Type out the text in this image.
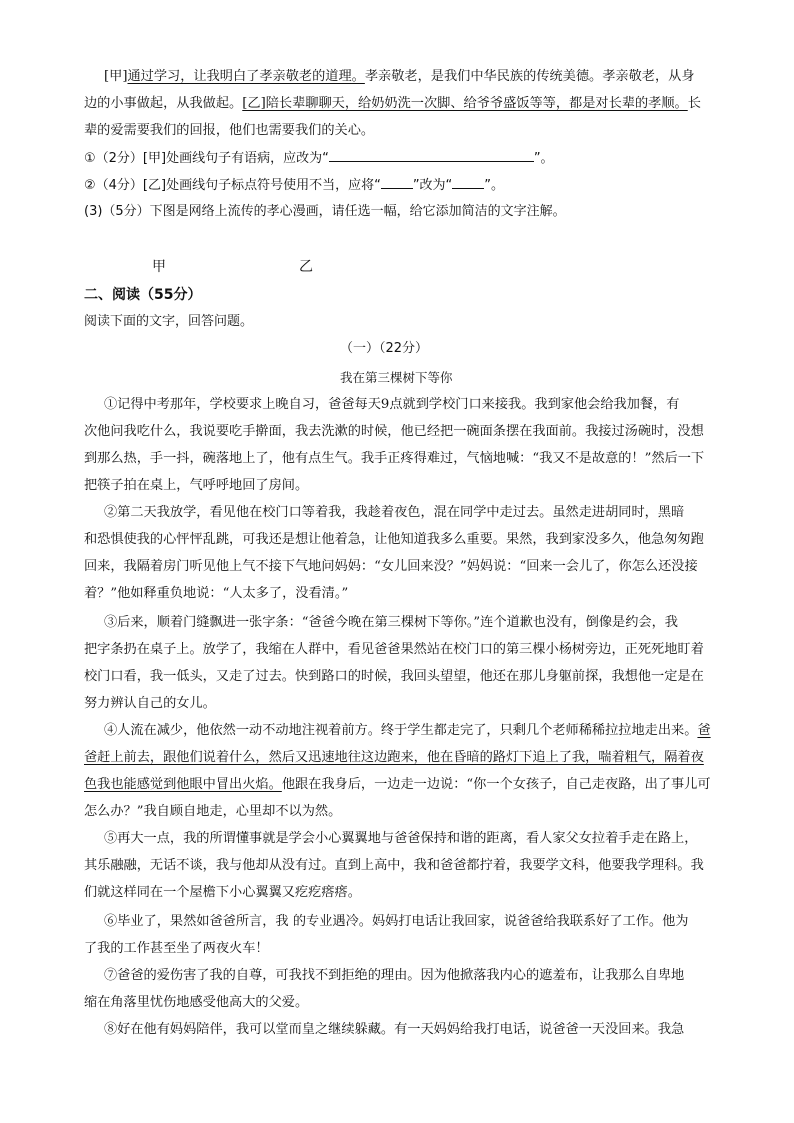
[甲]通过学习，让我明白了孝亲敬老的道理。孝亲敬老，是我们中华民族的传统美德。孝亲敬老，从身
边的小事做起，从我做起。[乙]陪长辈聊聊天，给奶奶洗一次脚、给爷爷盛饭等等，都是对长辈的孝顺。长
辈的爱需要我们的回报，他们也需要我们的关心。
①（2分）[甲]处画线句子有语病，应改为“	”。
②（4分）[乙]处画线句子标点符号使用不当，应将“ ”改为“ ”。
(3)（5分）下图是网络上流传的孝心漫画，请任选一幅，给它添加简洁的文字注解。
甲	乙
二、阅读（55分）
阅读下面的文字，回答问题。
（一）（22分）
我在第三棵树下等你
①记得中考那年，学校要求上晚自习，爸爸每天9点就到学校门口来接我。我到家他会给我加餐，有
次他问我吃什么，我说要吃手擀面，我去洗漱的时候，他已经把一碗面条摆在我面前。我接过汤碗时，没想
到那么热，手一抖，碗落地上了，他有点生气。我手正疼得难过，气恼地喊：“我又不是故意的！”然后一下
把筷子拍在桌上，气呼呼地回了房间。
②第二天我放学，看见他在校门口等着我，我趁着夜色，混在同学中走过去。虽然走进胡同时，黑暗
和恐惧使我的心怦怦乱跳，可我还是想让他着急，让他知道我多么重要。果然，我到家没多久，他急匆匆跑
回来，我隔着房门听见他上气不接下气地问妈妈：“女儿回来没？”妈妈说：“回来一会儿了，你怎么还没接
着？”他如释重负地说：“人太多了，没看清。”
③后来，顺着门缝飘进一张字条：“爸爸今晚在第三棵树下等你。”连个道歉也没有，倒像是约会，我
把字条扔在桌子上。放学了，我缩在人群中，看见爸爸果然站在校门口的第三棵小杨树旁边，正死死地盯着
校门口看，我一低头，又走了过去。快到路口的时候，我回头望望，他还在那儿身躯前探，我想他一定是在
努力辨认自己的女儿。
④人流在减少，他依然一动不动地注视着前方。终于学生都走完了，只剩几个老师稀稀拉拉地走出来。爸
爸赶上前去，跟他们说着什么，然后又迅速地往这边跑来，他在昏暗的路灯下追上了我，喘着粗气，隔着夜
色我也能感觉到他眼中冒出火焰。他跟在我身后，一边走一边说：“你一个女孩子，自己走夜路，出了事儿可
怎么办？”我自顾自地走，心里却不以为然。
⑤再大一点，我的所谓懂事就是学会小心翼翼地与爸爸保持和谐的距离，看人家父女拉着手走在路上，
其乐融融，无话不谈，我与他却从没有过。直到上高中，我和爸爸都拧着，我要学文科，他要我学理科。我
们就这样同在一个屋檐下小心翼翼又疙疙瘩瘩。
⑥毕业了，果然如爸爸所言，我 的专业遇冷。妈妈打电话让我回家，说爸爸给我联系好了工作。他为
了我的工作甚至坐了两夜火车！
⑦爸爸的爱伤害了我的自尊，可我找不到拒绝的理由。因为他掀落我内心的遮羞布，让我那么自卑地
缩在角落里忧伤地感受他高大的父爱。
⑧好在他有妈妈陪伴，我可以堂而皇之继续躲藏。有一天妈妈给我打电话，说爸爸一天没回来。我急
